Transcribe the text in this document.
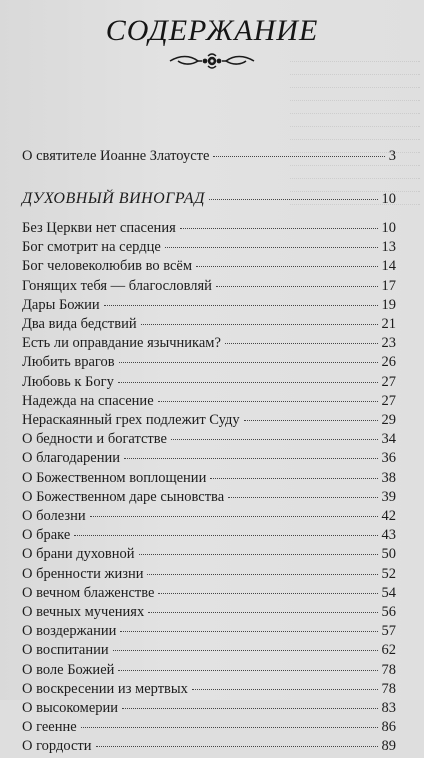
СОДЕРЖАНИЕ
О святителе Иоанне Златоусте	3
ДУХОВНЫЙ ВИНОГРАД	10
Без Церкви нет спасения	10
Бог смотрит на сердце	13
Бог человеколюбив во всём	14
Гонящих тебя — благословляй	17
Дары Божии	19
Два вида бедствий	21
Есть ли оправдание язычникам?	23
Любить врагов	26
Любовь к Богу	27
Надежда на спасение	27
Нераскаянный грех подлежит Суду	29
О бедности и богатстве	34
О благодарении	36
О Божественном воплощении	38
О Божественном даре сыновства	39
О болезни	42
О браке	43
О брани духовной	50
О бренности жизни	52
О вечном блаженстве	54
О вечных мучениях	56
О воздержании	57
О воспитании	62
О воле Божией	78
О воскресении из мертвых	78
О высокомерии	83
О геенне	86
О гордости	89
